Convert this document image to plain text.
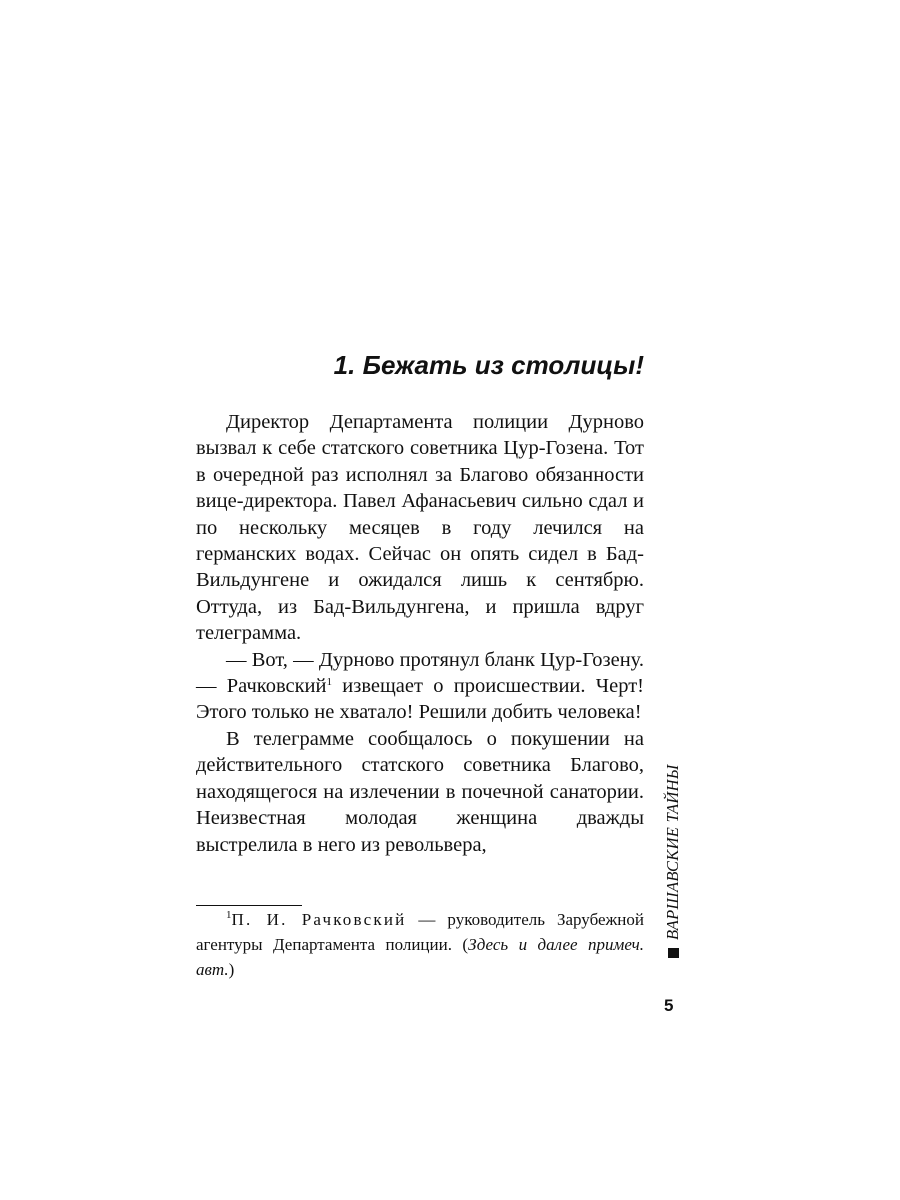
1. Бежать из столицы!

Директор Департамента полиции Дурново вызвал к себе статского советника Цур-Гозена. Тот в очередной раз исполнял за Благово обязанности вице-директора. Павел Афанасьевич сильно сдал и по нескольку месяцев в году лечился на германских водах. Сейчас он опять сидел в Бад-Вильдунгене и ожидался лишь к сентябрю. Оттуда, из Бад-Вильдунгена, и пришла вдруг телеграмма.

— Вот, — Дурново протянул бланк Цур-Гозену. — Рачковский$^1$ извещает о происшествии. Черт! Этого только не хватало! Решили добить человека!

В телеграмме сообщалось о покушении на действительного статского советника Благово, находящегося на излечении в почечной санатории. Неизвестная молодая женщина дважды выстрелила в него из револьвера,

$^1$П. И. Рачковский — руководитель Зарубежной агентуры Департамента полиции. (Здесь и далее примеч. авт.)

ВАРШАВСКИЕ ТАЙНЫ
5
